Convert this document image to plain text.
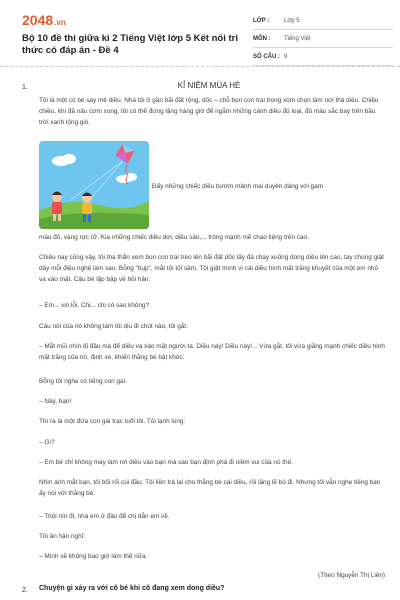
2048.vn
Bộ 10 đề thi giữa kì 2 Tiếng Việt lớp 5 Kết nối tri thức có đáp án - Đề 4
LỚP :	Lớp 5
MÔN :	Tiếng Việt
SỐ CÂU : 9
1.	KỈ NIỆM MÙA HÈ
Tôi là một cô bé say mê diều. Nhà tôi ở gần bãi đất rộng, dốc – chỗ bọn con trai trong xóm chọn làm nơi thả diều. Chiều chiều, khi đã nấu cơm xong, tôi có thể đứng lặng hàng giờ để ngắm những cánh diều đủ loại, đủ màu sắc bay trên bầu trời xanh lộng gió.
Đấy những chiếc diều bướm mảnh mai duyên dáng với gam
màu đỏ, vàng rực rỡ. Kia những chiếc diều dơi, diều sáo,... trông mạnh mẽ chao liệng trên cao.
Chiều nay cũng vậy, tôi tha thẩn xem bọn con trai trèo lên bãi đất dốc lấy đà chạy xuống dong diều lên cao, tay chúng giật dây mỗi điệu nghệ làm sao. Bỗng "bụp", mắt tôi tối sầm. Tôi giật mình vì cái diều hình mặt trăng khuyết của một em nhỏ va vào mặt. Cậu bé lập bập vẻ hỏi hận:
– Em... xin lỗi. Chị... chị có sao không?
Câu nói của nó không làm tôi dịu đi chút nào, tôi gắt:
– Mắt mũi nhìn đi đâu mà để diều va vào mặt người ta. Diều này! Diều này!... Vừa gắt, tôi vừa giằng mạnh chiếc diều hình mặt trăng của nó, định xé, khiến thằng bé bật khóc.
Bỗng tôi nghe có tiếng con gái:
– Này, bạn!
Thì ra là một đứa con gái trạc tuổi tôi. Tôi lạnh lùng:
– Gì?
– Em bé chỉ không may làm rơi diều vào bạn mà sao bạn định phá đi niềm vui của nó thế.
Nhìn ánh mắt bạn, tôi bối rối cúi đầu. Tôi liền trả lại cho thằng bé cái diều, rồi lặng lẽ bỏ đi. Nhưng tôi vẫn nghe tiếng bạn ấy nói với thằng bé:
– Thôi nín đi, nhà em ở đâu để chị dẫn em về.
Tôi ân hận nghĩ:
– Mình sẽ không bao giờ làm thế nữa.
(Theo Nguyễn Thị Liên)
2. Chuyện gì xảy ra với cô bé khi cô đang xem dong diều?
